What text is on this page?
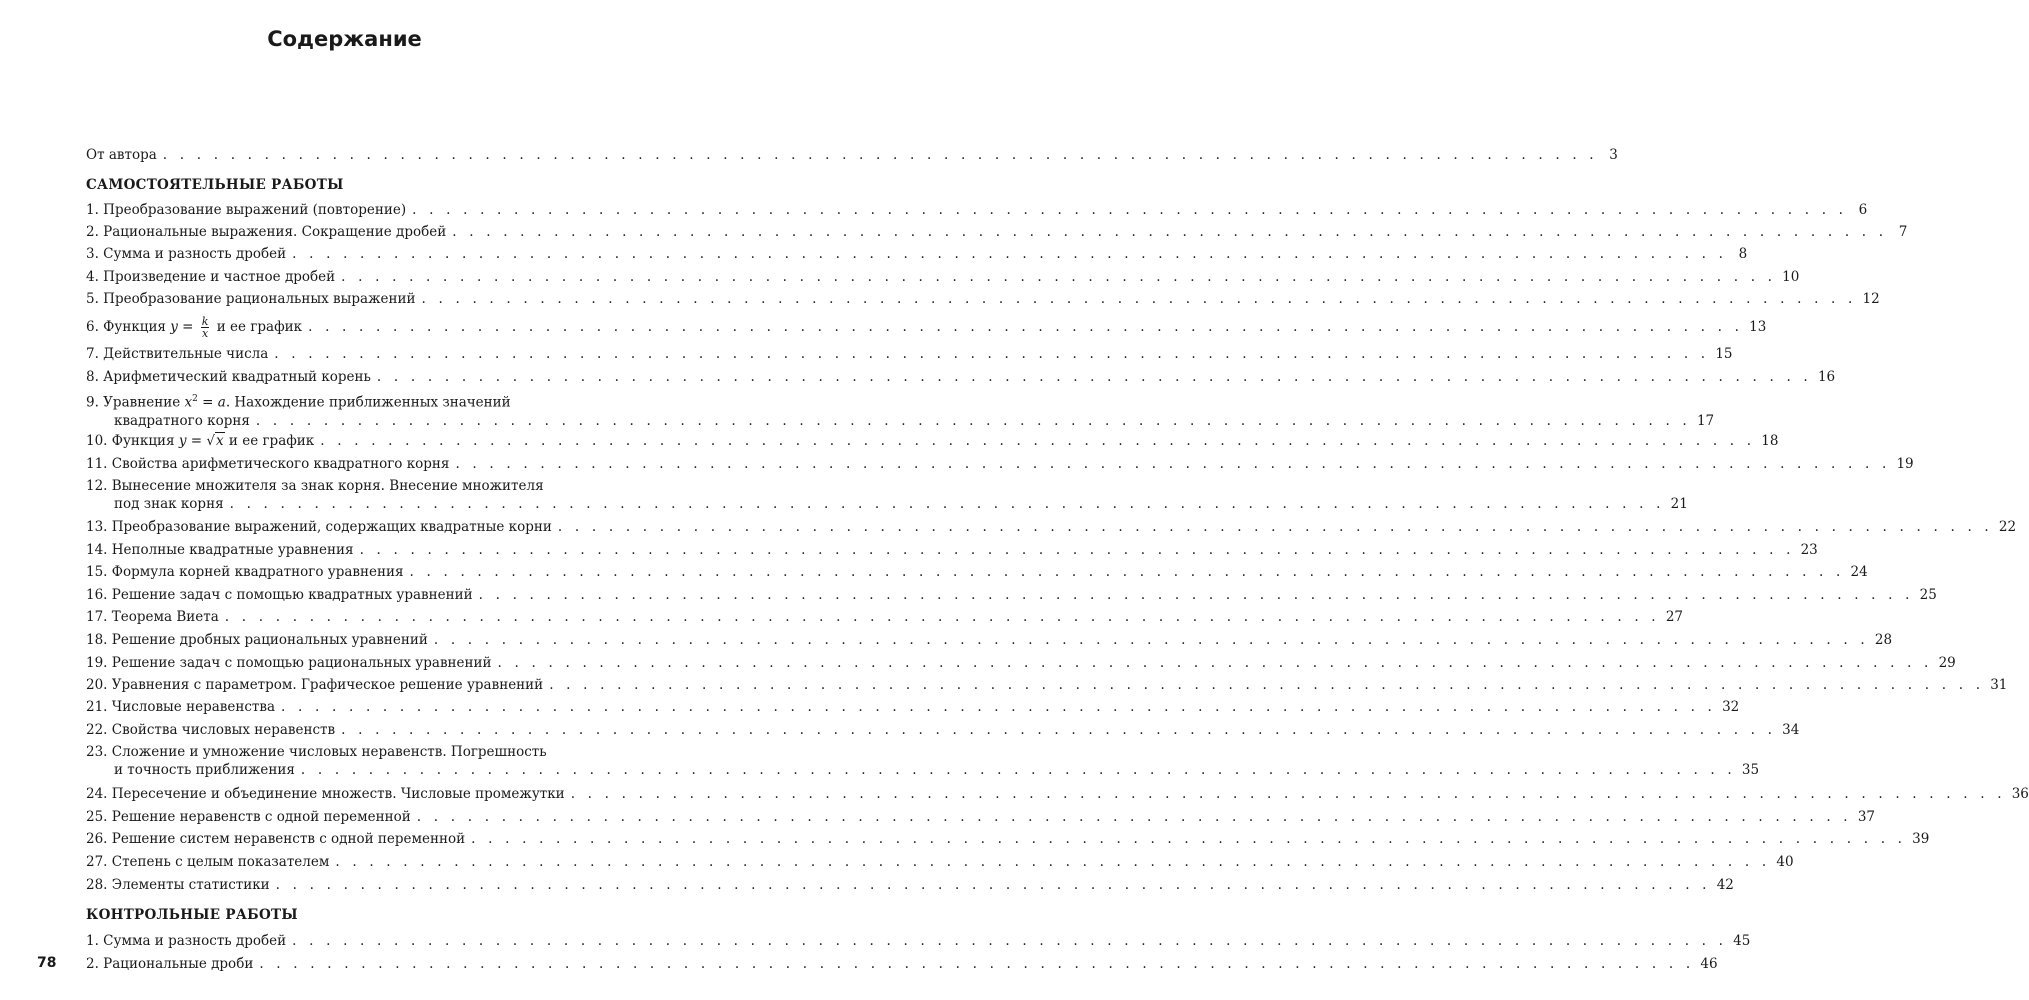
Содержание
От автора . . . . . . . . . . . . . . . . . . . . . . . . . . . . . . . . . . . . . . . . . . . . . . . . . . . . . . . . . . . . . . . . . . . . . . . . . . . . . . . . . . . . . 3
САМОСТОЯТЕЛЬНЫЕ РАБОТЫ
1. Преобразование выражений (повторение) . . . . . . . . . . . . . . . . . . . . . . . . . . . . . . . . . . . . . . . . . . . . . . . . . . . . . . . . . . . . . . . . . . . . . . . . . . . . . . . . . . . . . 6
2. Рациональные выражения. Сокращение дробей . . . . . . . . . . . . . . . . . . . . . . . . . . . . . . . . . . . . . . . . . . . . . . . . . . . . . . . . . . . . . . . . . . . . . . . . . . . . . . . . . . . . . 7
3. Сумма и разность дробей . . . . . . . . . . . . . . . . . . . . . . . . . . . . . . . . . . . . . . . . . . . . . . . . . . . . . . . . . . . . . . . . . . . . . . . . . . . . . . . . . . . . . 8
4. Произведение и частное дробей . . . . . . . . . . . . . . . . . . . . . . . . . . . . . . . . . . . . . . . . . . . . . . . . . . . . . . . . . . . . . . . . . . . . . . . . . . . . . . . . . . . . . 10
5. Преобразование рациональных выражений . . . . . . . . . . . . . . . . . . . . . . . . . . . . . . . . . . . . . . . . . . . . . . . . . . . . . . . . . . . . . . . . . . . . . . . . . . . . . . . . . . . . . 12
6. Функция $y = \frac{k}{x}$ и ее график . . . . . . . . . . . . . . . . . . . . . . . . . . . . . . . . . . . . . . . . . . . . . . . . . . . . . . . . . . . . . . . . . . . . . . . . . . . . . . . . . . . . . 13
7. Действительные числа . . . . . . . . . . . . . . . . . . . . . . . . . . . . . . . . . . . . . . . . . . . . . . . . . . . . . . . . . . . . . . . . . . . . . . . . . . . . . . . . . . . . . 15
8. Арифметический квадратный корень . . . . . . . . . . . . . . . . . . . . . . . . . . . . . . . . . . . . . . . . . . . . . . . . . . . . . . . . . . . . . . . . . . . . . . . . . . . . . . . . . . . . . 16
9. Уравнение $x^2 = a$. Нахождение приближенных значений
квадратного корня . . . . . . . . . . . . . . . . . . . . . . . . . . . . . . . . . . . . . . . . . . . . . . . . . . . . . . . . . . . . . . . . . . . . . . . . . . . . . . . . . . . . . 17
10. Функция y = √x и ее график . . . . . . . . . . . . . . . . . . . . . . . . . . . . . . . . . . . . . . . . . . . . . . . . . . . . . . . . . . . . . . . . . . . . . . . . . . . . . . . . . . . . . 18
11. Свойства арифметического квадратного корня . . . . . . . . . . . . . . . . . . . . . . . . . . . . . . . . . . . . . . . . . . . . . . . . . . . . . . . . . . . . . . . . . . . . . . . . . . . . . . . . . . . . . 19
12. Вынесение множителя за знак корня. Внесение множителя
под знак корня . . . . . . . . . . . . . . . . . . . . . . . . . . . . . . . . . . . . . . . . . . . . . . . . . . . . . . . . . . . . . . . . . . . . . . . . . . . . . . . . . . . . . 21
13. Преобразование выражений, содержащих квадратные корни . . . . . . . . . . . . . . . . . . . . . . . . . . . . . . . . . . . . . . . . . . . . . . . . . . . . . . . . . . . . . . . . . . . . . . . . . . . . . . . . . . . . . 22
14. Неполные квадратные уравнения . . . . . . . . . . . . . . . . . . . . . . . . . . . . . . . . . . . . . . . . . . . . . . . . . . . . . . . . . . . . . . . . . . . . . . . . . . . . . . . . . . . . . 23
15. Формула корней квадратного уравнения . . . . . . . . . . . . . . . . . . . . . . . . . . . . . . . . . . . . . . . . . . . . . . . . . . . . . . . . . . . . . . . . . . . . . . . . . . . . . . . . . . . . . 24
16. Решение задач с помощью квадратных уравнений . . . . . . . . . . . . . . . . . . . . . . . . . . . . . . . . . . . . . . . . . . . . . . . . . . . . . . . . . . . . . . . . . . . . . . . . . . . . . . . . . . . . . 25
17. Теорема Виета . . . . . . . . . . . . . . . . . . . . . . . . . . . . . . . . . . . . . . . . . . . . . . . . . . . . . . . . . . . . . . . . . . . . . . . . . . . . . . . . . . . . . 27
18. Решение дробных рациональных уравнений . . . . . . . . . . . . . . . . . . . . . . . . . . . . . . . . . . . . . . . . . . . . . . . . . . . . . . . . . . . . . . . . . . . . . . . . . . . . . . . . . . . . . 28
19. Решение задач с помощью рациональных уравнений . . . . . . . . . . . . . . . . . . . . . . . . . . . . . . . . . . . . . . . . . . . . . . . . . . . . . . . . . . . . . . . . . . . . . . . . . . . . . . . . . . . . . 29
20. Уравнения с параметром. Графическое решение уравнений . . . . . . . . . . . . . . . . . . . . . . . . . . . . . . . . . . . . . . . . . . . . . . . . . . . . . . . . . . . . . . . . . . . . . . . . . . . . . . . . . . . . . 31
21. Числовые неравенства . . . . . . . . . . . . . . . . . . . . . . . . . . . . . . . . . . . . . . . . . . . . . . . . . . . . . . . . . . . . . . . . . . . . . . . . . . . . . . . . . . . . . 32
22. Свойства числовых неравенств . . . . . . . . . . . . . . . . . . . . . . . . . . . . . . . . . . . . . . . . . . . . . . . . . . . . . . . . . . . . . . . . . . . . . . . . . . . . . . . . . . . . . 34
23. Сложение и умножение числовых неравенств. Погрешность
и точность приближения . . . . . . . . . . . . . . . . . . . . . . . . . . . . . . . . . . . . . . . . . . . . . . . . . . . . . . . . . . . . . . . . . . . . . . . . . . . . . . . . . . . . . 35
24. Пересечение и объединение множеств. Числовые промежутки . . . . . . . . . . . . . . . . . . . . . . . . . . . . . . . . . . . . . . . . . . . . . . . . . . . . . . . . . . . . . . . . . . . . . . . . . . . . . . . . . . . . . 36
25. Решение неравенств с одной переменной . . . . . . . . . . . . . . . . . . . . . . . . . . . . . . . . . . . . . . . . . . . . . . . . . . . . . . . . . . . . . . . . . . . . . . . . . . . . . . . . . . . . . 37
26. Решение систем неравенств с одной переменной . . . . . . . . . . . . . . . . . . . . . . . . . . . . . . . . . . . . . . . . . . . . . . . . . . . . . . . . . . . . . . . . . . . . . . . . . . . . . . . . . . . . . 39
27. Степень с целым показателем . . . . . . . . . . . . . . . . . . . . . . . . . . . . . . . . . . . . . . . . . . . . . . . . . . . . . . . . . . . . . . . . . . . . . . . . . . . . . . . . . . . . . 40
28. Элементы статистики . . . . . . . . . . . . . . . . . . . . . . . . . . . . . . . . . . . . . . . . . . . . . . . . . . . . . . . . . . . . . . . . . . . . . . . . . . . . . . . . . . . . . 42
КОНТРОЛЬНЫЕ РАБОТЫ
1. Сумма и разность дробей . . . . . . . . . . . . . . . . . . . . . . . . . . . . . . . . . . . . . . . . . . . . . . . . . . . . . . . . . . . . . . . . . . . . . . . . . . . . . . . . . . . . . 45
2. Рациональные дроби . . . . . . . . . . . . . . . . . . . . . . . . . . . . . . . . . . . . . . . . . . . . . . . . . . . . . . . . . . . . . . . . . . . . . . . . . . . . . . . . . . . . . 46
78
